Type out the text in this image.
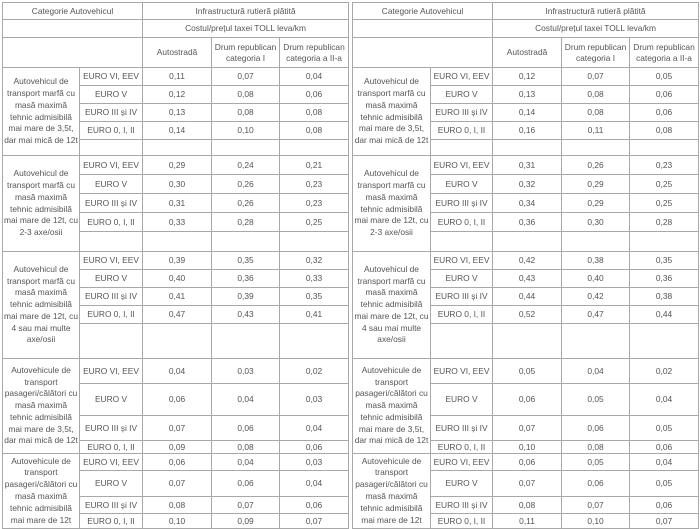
Categorie Autovehicul		Infrastructură rutieră plătită		
		Costul/prețul taxei TOLL leva/km		
		Autostradă	Drum republican categoria I	Drum republican categoria a II-a
Autovehicul de transport marfă cu masă maximă tehnic admisibilă mai mare de 3,5t, dar mai mică de 12t	EURO VI, EEV	0,11	0,07	0,04
	EURO V	0,12	0,08	0,06
	EURO III și IV	0,13	0,08	0,08
	EURO 0, I, II	0,14	0,10	0,08

Autovehicul de transport marfă cu masă maximă tehnic admisibilă mai mare de 12t, cu 2-3 axe/osii	EURO VI, EEV	0,29	0,24	0,21
	EURO V	0,30	0,26	0,23
	EURO III și IV	0,31	0,26	0,23
	EURO 0, I, II	0,33	0,28	0,25

Autovehicul de transport marfă cu masă maximă tehnic admisibilă mai mare de 12t, cu 4 sau mai multe axe/osii	EURO VI, EEV	0,39	0,35	0,32
	EURO V	0,40	0,36	0,33
	EURO III și IV	0,41	0,39	0,35
	EURO 0, I, II	0,47	0,43	0,41

Autovehicule de transport pasageri/călători cu masă maximă tehnic admisibilă mai mare de 3,5t, dar mai mică de 12t	EURO VI, EEV	0,04	0,03	0,02
	EURO V	0,06	0,04	0,03
	EURO III și IV	0,07	0,06	0,04
	EURO 0, I, II	0,09	0,08	0,06
Autovehicule de transport pasageri/călători cu masă maximă tehnic admisibilă mai mare de 12t	EURO VI, EEV	0,06	0,04	0,03
	EURO V	0,07	0,06	0,04
	EURO III și IV	0,08	0,07	0,06
	EURO 0, I, II	0,10	0,09	0,07
Categorie Autovehicul		Infrastructură rutieră plătită		
		Costul/prețul taxei TOLL leva/km		
		Autostradă	Drum republican categoria I	Drum republican categoria a II-a
Autovehicul de transport marfă cu masă maximă tehnic admisibilă mai mare de 3,5t, dar mai mică de 12t	EURO VI, EEV	0,12	0,07	0,05
	EURO V	0,13	0,08	0,06
	EURO III și IV	0,14	0,08	0,06
	EURO 0, I, II	0,16	0,11	0,08

Autovehicul de transport marfă cu masă maximă tehnic admisibilă mai mare de 12t, cu 2-3 axe/osii	EURO VI, EEV	0,31	0,26	0,23
	EURO V	0,32	0,29	0,25
	EURO III și IV	0,34	0,29	0,25
	EURO 0, I, II	0,36	0,30	0,28

Autovehicul de transport marfă cu masă maximă tehnic admisibilă mai mare de 12t, cu 4 sau mai multe axe/osii	EURO VI, EEV	0,42	0,38	0,35
	EURO V	0,43	0,40	0,36
	EURO III și IV	0,44	0,42	0,38
	EURO 0, I, II	0,52	0,47	0,44

Autovehicule de transport pasageri/călători cu masă maximă tehnic admisibilă mai mare de 3,5t, dar mai mică de 12t	EURO VI, EEV	0,05	0,04	0,02
	EURO V	0,06	0,05	0,04
	EURO III și IV	0,07	0,06	0,05
	EURO 0, I, II	0,10	0,08	0,06
Autovehicule de transport pasageri/călători cu masă maximă tehnic admisibilă mai mare de 12t	EURO VI, EEV	0,06	0,05	0,04
	EURO V	0,07	0,06	0,05
	EURO III și IV	0,08	0,07	0,06
	EURO 0, I, II	0,11	0,10	0,07
